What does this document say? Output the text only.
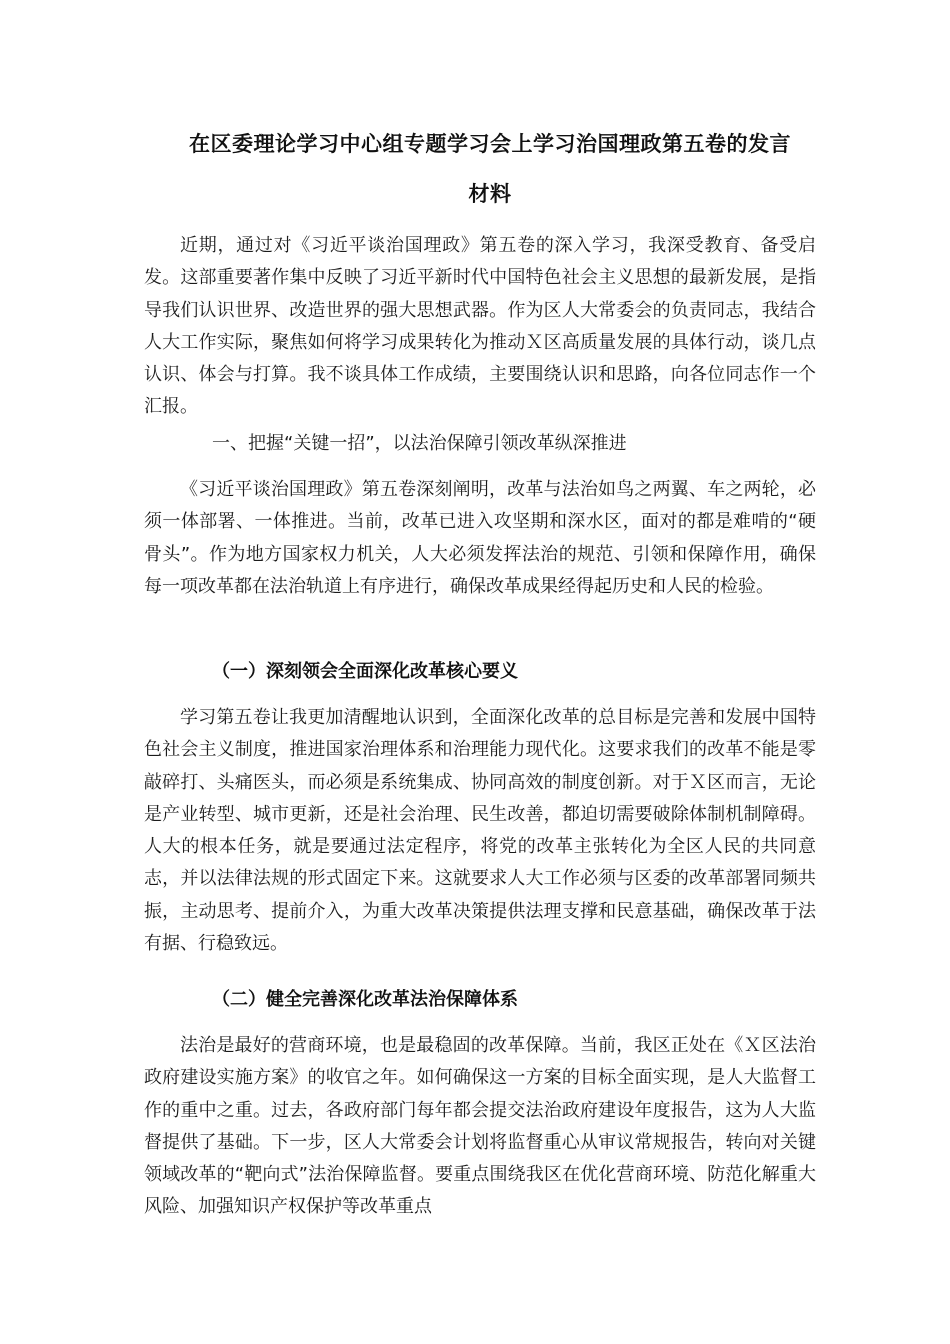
在区委理论学习中心组专题学习会上学习治国理政第五卷的发言
材料

近期，通过对《习近平谈治国理政》第五卷的深入学习，我深受教育、备受启发。这部重要著作集中反映了习近平新时代中国特色社会主义思想的最新发展，是指导我们认识世界、改造世界的强大思想武器。作为区人大常委会的负责同志，我结合人大工作实际，聚焦如何将学习成果转化为推动Ｘ区高质量发展的具体行动，谈几点认识、体会与打算。我不谈具体工作成绩，主要围绕认识和思路，向各位同志作一个汇报。

一、把握“关键一招”，以法治保障引领改革纵深推进

《习近平谈治国理政》第五卷深刻阐明，改革与法治如鸟之两翼、车之两轮，必须一体部署、一体推进。当前，改革已进入攻坚期和深水区，面对的都是难啃的“硬骨头”。作为地方国家权力机关，人大必须发挥法治的规范、引领和保障作用，确保每一项改革都在法治轨道上有序进行，确保改革成果经得起历史和人民的检验。

（一）深刻领会全面深化改革核心要义

学习第五卷让我更加清醒地认识到，全面深化改革的总目标是完善和发展中国特色社会主义制度，推进国家治理体系和治理能力现代化。这要求我们的改革不能是零敲碎打、头痛医头，而必须是系统集成、协同高效的制度创新。对于Ｘ区而言，无论是产业转型、城市更新，还是社会治理、民生改善，都迫切需要破除体制机制障碍。人大的根本任务，就是要通过法定程序，将党的改革主张转化为全区人民的共同意志，并以法律法规的形式固定下来。这就要求人大工作必须与区委的改革部署同频共振，主动思考、提前介入，为重大改革决策提供法理支撑和民意基础，确保改革于法有据、行稳致远。

（二）健全完善深化改革法治保障体系

法治是最好的营商环境，也是最稳固的改革保障。当前，我区正处在《Ｘ区法治政府建设实施方案》的收官之年。如何确保这一方案的目标全面实现，是人大监督工作的重中之重。过去，各政府部门每年都会提交法治政府建设年度报告，这为人大监督提供了基础。下一步，区人大常委会计划将监督重心从审议常规报告，转向对关键领域改革的“靶向式”法治保障监督。要重点围绕我区在优化营商环境、防范化解重大风险、加强知识产权保护等改革重点
